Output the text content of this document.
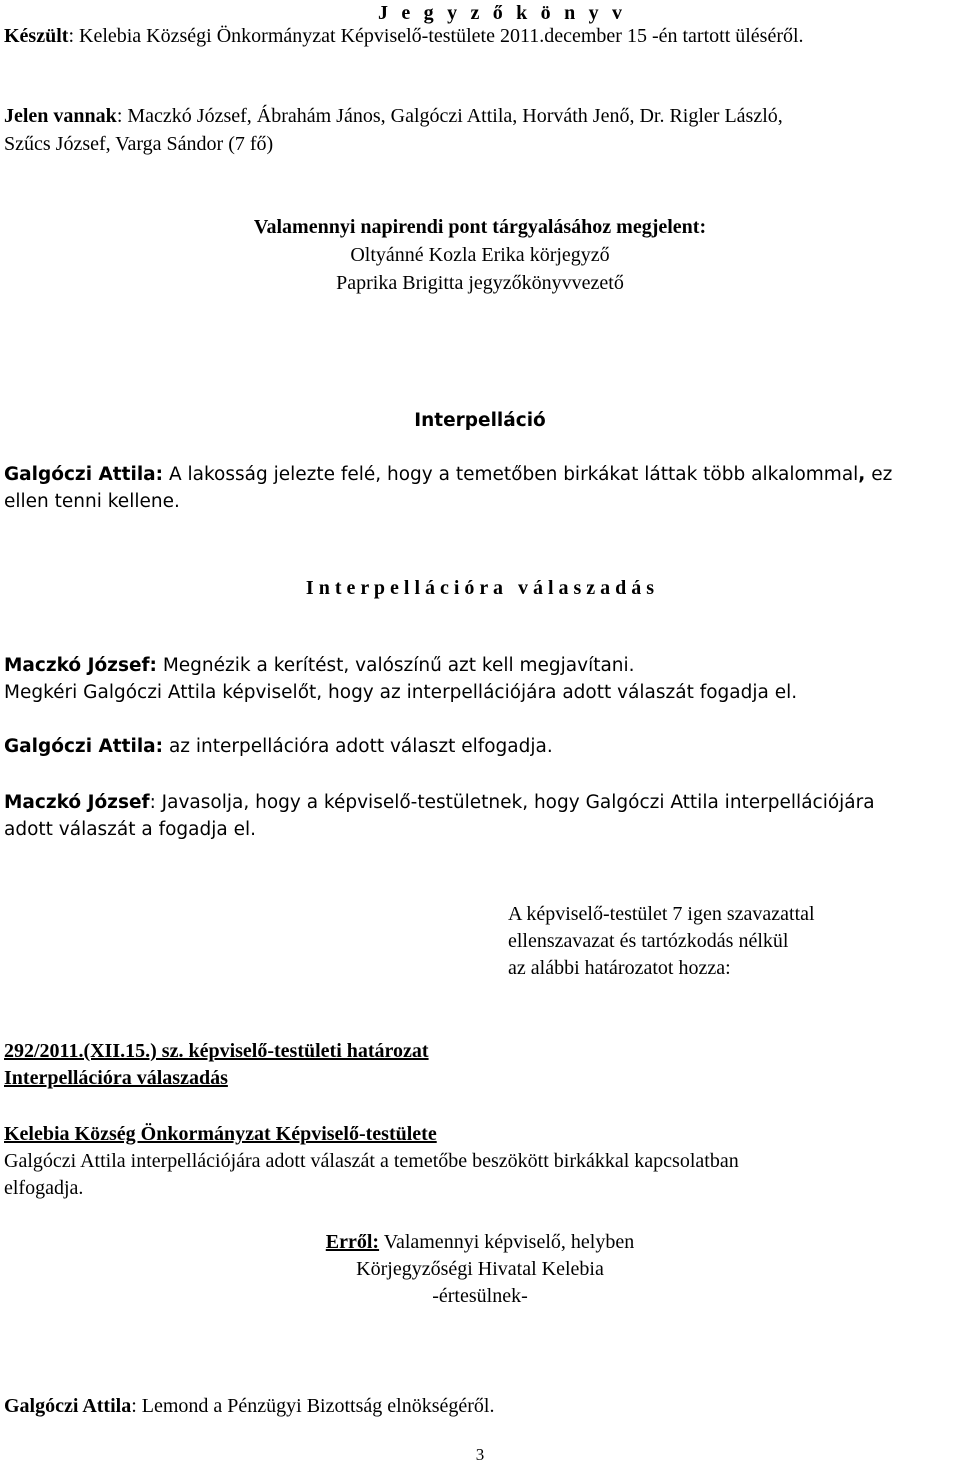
J e g y z ő k ö n y v
Készült: Kelebia Községi Önkormányzat Képviselő-testülete 2011.december 15 -én tartott üléséről.
Jelen vannak: Maczkó József, Ábrahám János, Galgóczi Attila, Horváth Jenő, Dr. Rigler László,
Szűcs József, Varga Sándor (7 fő)
Valamennyi napirendi pont tárgyalásához megjelent:
Oltyánné Kozla Erika körjegyző
Paprika Brigitta jegyzőkönyvvezető
Interpelláció
Galgóczi Attila: A lakosság jelezte felé, hogy a temetőben birkákat láttak több alkalommal, ez
ellen tenni kellene.
I n t e r p e l l á c i ó r a   v á l a s z a d á s
Maczkó József: Megnézik a kerítést, valószínű azt kell megjavítani.
Megkéri Galgóczi Attila képviselőt, hogy az interpellációjára adott válaszát fogadja el.
Galgóczi Attila: az interpellációra adott választ elfogadja.
Maczkó József: Javasolja, hogy a képviselő-testületnek, hogy Galgóczi Attila interpellációjára
adott válaszát a fogadja el.
A képviselő-testület 7 igen szavazattal
ellenszavazat és tartózkodás nélkül
az alábbi határozatot hozza:
292/2011.(XII.15.) sz. képviselő-testületi határozat
Interpellációra válaszadás
Kelebia Község Önkormányzat Képviselő-testülete
Galgóczi Attila interpellációjára adott válaszát a temetőbe beszökött birkákkal kapcsolatban
elfogadja.
Erről: Valamennyi képviselő, helyben
Körjegyzőségi Hivatal Kelebia
-értesülnek-
Galgóczi Attila: Lemond a Pénzügyi Bizottság elnökségéről.
3
